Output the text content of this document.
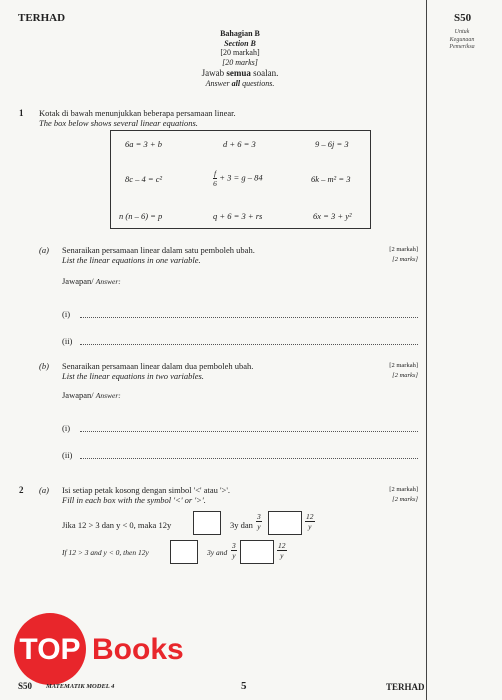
TERHAD	S50
Untuk
Kegunaan
Pemeriksa
Bahagian B
Section B
[20 markah]
[20 marks]
Jawab semua soalan.
Answer all questions.
1 Kotak di bawah menunjukkan beberapa persamaan linear.
The box below shows several linear equations.
6a = 3 + b	d + 6 = 3	9 – 6j = 3
8c – 4 = c²	$\frac{f}{6} + 3 = g - 84$	6k – m² = 3
n (n – 6) = p	q + 6 = 3 + rs	6x = 3 + y²
(a) Senaraikan persamaan linear dalam satu pemboleh ubah.
List the linear equations in one variable.
[2 markah]
[2 marks]
Jawapan/ Answer:
(i)
(ii)
(b) Senaraikan persamaan linear dalam dua pemboleh ubah.
List the linear equations in two variables.
[2 markah]
[2 marks]
Jawapan/ Answer:
(i)
(ii)
2 (a) Isi setiap petak kosong dengan simbol '<' atau '>'.
Fill in each box with the symbol '<' or '>'.
[2 markah]
[2 marks]
Jika 12 > 3 dan y < 0, maka 12y	3y dan $\frac{3}{y}$	$\frac{12}{y}$
If 12 > 3 and y < 0, then 12y	3y and $\frac{3}{y}$	$\frac{12}{y}$
TOP Books
S50 MATEMATIK MODEL 4	5	TERHAD
